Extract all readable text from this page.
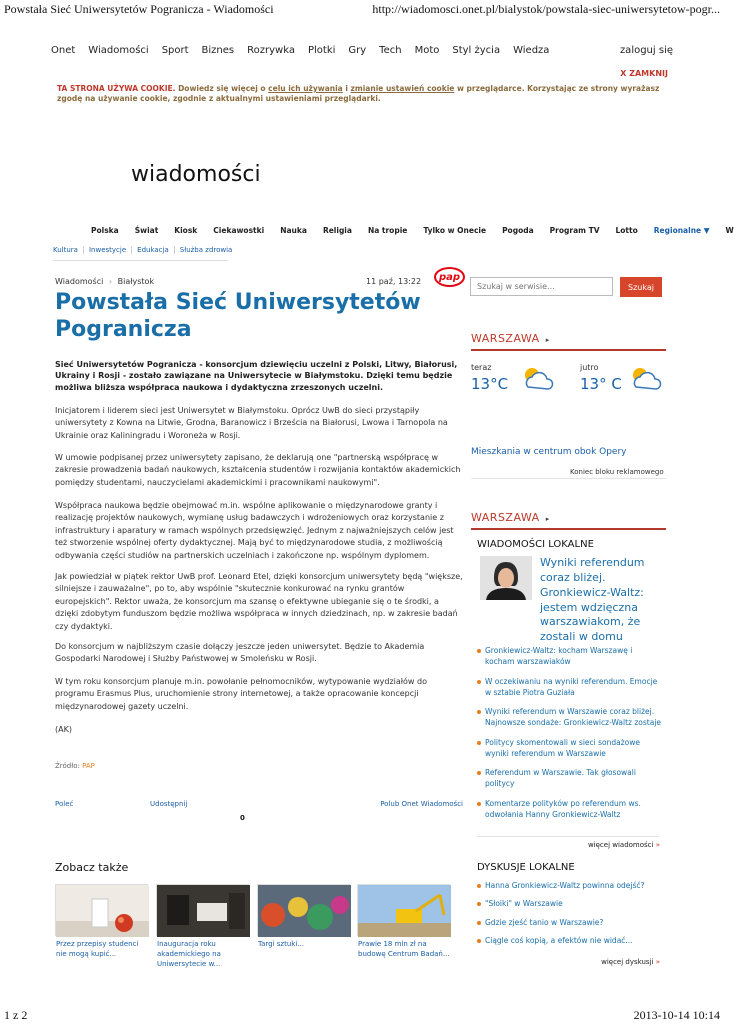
Powstała Sieć Uniwersytetów Pogranicza - Wiadomości	http://wiadomosci.onet.pl/bialystok/powstala-siec-uniwersytetow-pogr...
Onet Wiadomości Sport Biznes Rozrywka Plotki Gry Tech Moto Styl życia Wiedza	zaloguj się
X ZAMKNIJ
TA STRONA UŻYWA COOKIE. Dowiedz się więcej o celu ich używania i zmianie ustawień cookie w przeglądarce. Korzystając ze strony wyrażasz zgodę na używanie cookie, zgodnie z aktualnymi ustawieniami przeglądarki.
wiadomości
Polska Świat Kiosk Ciekawostki Nauka Religia Na tropie Tylko w Onecie Pogoda Program TV Lotto Regionalne ▼ W
Kultura	Inwestycje	Edukacja	Służba zdrowia
Wiadomości › Białystok	11 paź, 13:22	pap
Powstała Sieć Uniwersytetów Pogranicza

Sieć Uniwersytetów Pogranicza - konsorcjum dziewięciu uczelni z Polski, Litwy, Białorusi, Ukrainy i Rosji - zostało zawiązane na Uniwersytecie w Białymstoku. Dzięki temu będzie możliwa bliższa współpraca naukowa i dydaktyczna zrzeszonych uczelni.

Inicjatorem i liderem sieci jest Uniwersytet w Białymstoku. Oprócz UwB do sieci przystąpiły uniwersytety z Kowna na Litwie, Grodna, Baranowicz i Brześcia na Białorusi, Lwowa i Tarnopola na Ukrainie oraz Kaliningradu i Woroneża w Rosji.

W umowie podpisanej przez uniwersytety zapisano, że deklarują one "partnerską współpracę w zakresie prowadzenia badań naukowych, kształcenia studentów i rozwijania kontaktów akademickich pomiędzy studentami, nauczycielami akademickimi i pracownikami naukowymi".

Współpraca naukowa będzie obejmować m.in. wspólne aplikowanie o międzynarodowe granty i realizację projektów naukowych, wymianę usług badawczych i wdrożeniowych oraz korzystanie z infrastruktury i aparatury w ramach wspólnych przedsięwzięć. Jednym z najważniejszych celów jest też stworzenie wspólnej oferty dydaktycznej. Mają być to międzynarodowe studia, z możliwością odbywania części studiów na partnerskich uczelniach i zakończone np. wspólnym dyplomem.

Jak powiedział w piątek rektor UwB prof. Leonard Etel, dzięki konsorcjum uniwersytety będą "większe, silniejsze i zauważalne", po to, aby wspólnie "skutecznie konkurować na rynku grantów europejskich". Rektor uważa, że konsorcjum ma szansę o efektywne ubieganie się o te środki, a dzięki zdobytym funduszom będzie możliwa współpraca w innych dziedzinach, np. w zakresie badań czy dydaktyki.

Do konsorcjum w najbliższym czasie dołączy jeszcze jeden uniwersytet. Będzie to Akademia Gospodarki Narodowej i Służby Państwowej w Smoleńsku w Rosji.

W tym roku konsorcjum planuje m.in. powołanie pełnomocników, wytypowanie wydziałów do programu Erasmus Plus, uruchomienie strony internetowej, a także opracowanie koncepcji międzynarodowej gazety uczelni.

(AK)

Źródło: PAP
Poleć	Udostępnij	Polub Onet Wiadomości
0
Zobacz także
Przez przepisy studenci nie mogą kupić...
Inauguracja roku akademickiego na Uniwersytecie w...
Targi sztuki...	Prawie 18 mln zł na budowę Centrum Badań...
Szukaj w serwisie...
Szukaj
WARSZAWA ▸
teraz
13°C
jutro
13° C
Mieszkania w centrum obok Opery
Koniec bloku reklamowego
WARSZAWA ▸
WIADOMOŚCI LOKALNE
Wyniki referendum coraz bliżej. Gronkiewicz-Waltz: jestem wdzięczna warszawiakom, że zostali w domu
Gronkiewicz-Waltz: kocham Warszawę i kocham warszawiaków
W oczekiwaniu na wyniki referendum. Emocje w sztabie Piotra Guziała
Wyniki referendum w Warszawie coraz bliżej. Najnowsze sondaże: Gronkiewicz-Waltz zostaje
Politycy skomentowali w sieci sondażowe wyniki referendum w Warszawie
Referendum w Warszawie. Tak głosowali politycy
Komentarze polityków po referendum ws. odwołania Hanny Gronkiewicz-Waltz
więcej wiadomości »
DYSKUSJE LOKALNE
Hanna Gronkiewicz-Waltz powinna odejść?
"Słoiki" w Warszawie
Gdzie zjeść tanio w Warszawie?
Ciągle coś kopią, a efektów nie widać...
więcej dyskusji »
1 z 2	2013-10-14 10:14
